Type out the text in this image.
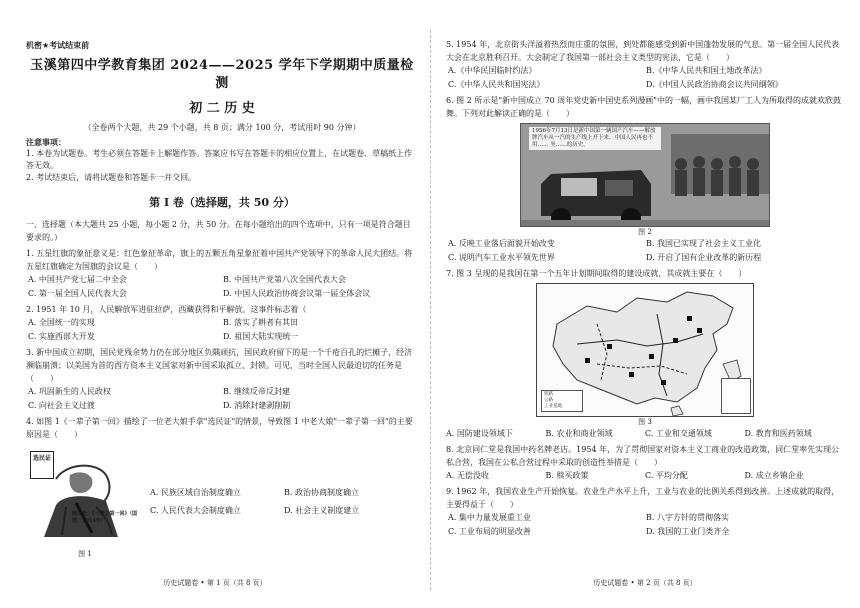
机密★考试结束前
玉溪第四中学教育集团 2024——2025 学年下学期期中质量检测
初 二 历 史
（全卷两个大题，共 29 个小题，共 8 页；满分 100 分，考试用时 90 分钟）
注意事项：
1. 本卷为试题卷。考生必须在答题卡上解题作答。答案应书写在答题卡的相应位置上，在试题卷、草稿纸上作答无效。
2. 考试结束后，请将试题卷和答题卡一并交回。
第 Ⅰ 卷（选择题，共 50 分）
一、选择题（本大题共 25 小题，每小题 2 分，共 50 分。在每小题给出的四个选项中，只有一项是符合题目要求的。）
1. 五星红旗的象征意义是：红色象征革命，旗上的五颗五角星象征着中国共产党领导下的革命人民大团结。将五星红旗确定为国旗的会议是（　　）
A. 中国共产党七届二中全会	B. 中国共产党第八次全国代表大会
C. 第一届全国人民代表大会	D. 中国人民政治协商会议第一届全体会议
2. 1951 年 10 月，人民解放军进驻拉萨，西藏获得和平解放。这事件标志着（
A. 全国统一的实现	B. 落实了耕者有其田
C. 实施西部大开发	D. 祖国大陆实现统一
3. 新中国成立初期，国民党残余势力仍在部分地区负隅顽抗，国民政府留下的是一个千疮百孔的烂摊子，经济濒临崩溃；以美国为首的西方资本主义国家对新中国采取孤立、封锁。可见，当时全国人民最迫切的任务是（　　）
A. 巩固新生的人民政权	B. 继续反帝反封建
C. 向社会主义过渡	D. 消除封建剥削制
4. 如图 1《一辈子第一回》描绘了一位老大娘手拿"选民证"的情景，导致图 1 中老大娘"一辈子第一回"的主要原因是（　　）
选民证
杨之光：《一辈子第一回》（国画，1954年）
图 1
A. 民族区域自治制度确立	B. 政治协商制度确立
C. 人民代表大会制度确立	D. 社会主义制度建立
历史试题卷 • 第 1 页（共 8 页）
5. 1954 年，北京街头洋溢着热烈而庄重的氛围，到处都能感受到新中国蓬勃发展的气息。第一届全国人民代表大会在北京胜利召开。大会制定了我国第一部社会主义类型的宪法，它是（　　）
A.《中华民国临时约法》	B.《中华人民共和国土地改革法》
C.《中华人民共和国宪法》	D.《中国人民政治协商会议共同纲领》
6. 图 2 所示是"新中国成立 70 周年党史新中国史系列漫画"中的一幅，画中我国某厂工人为所取得的成就欢欣鼓舞。下列对此解读正确的是（　　）
1956年7月13日是新中国第一辆国产汽车——解放牌汽车从一汽的生产线上开下来，中国人民再也不用…… 坐……的历史。
图 2
A. 反映工业落后面貌开始改变	B. 我国已实现了社会主义工业化
C. 说明汽车工业水平领先世界	D. 开启了国有企业改革的新历程
7. 图 3 呈现的是我国在第一个五年计划期间取得的建设成就，其成就主要在（　　）
铁路
公路
工业基地
图 3
A. 国防建设领域下	B. 农业和商业领域	C. 工业和交通领域	D. 教育和医药领域
8. 北京同仁堂是我国中药名牌老店。1954 年，为了贯彻国家对资本主义工商业的改造政策，同仁堂率先实现公私合营，我国在公私合营过程中采取的创造性举措是（　　）
A. 无偿没收	B. 赎买政策	C. 平均分配	D. 成立乡镇企业
9. 1962 年，我国农业生产开始恢复。农业生产水平上升，工业与农业的比例关系得到改善。上述成就的取得，主要得益于（　　）
A. 集中力量发展重工业	B. 八字方针的贯彻落实
C. 工业布局的明显改善	D. 我国的工业门类齐全
历史试题卷 • 第 2 页（共 8 页）
